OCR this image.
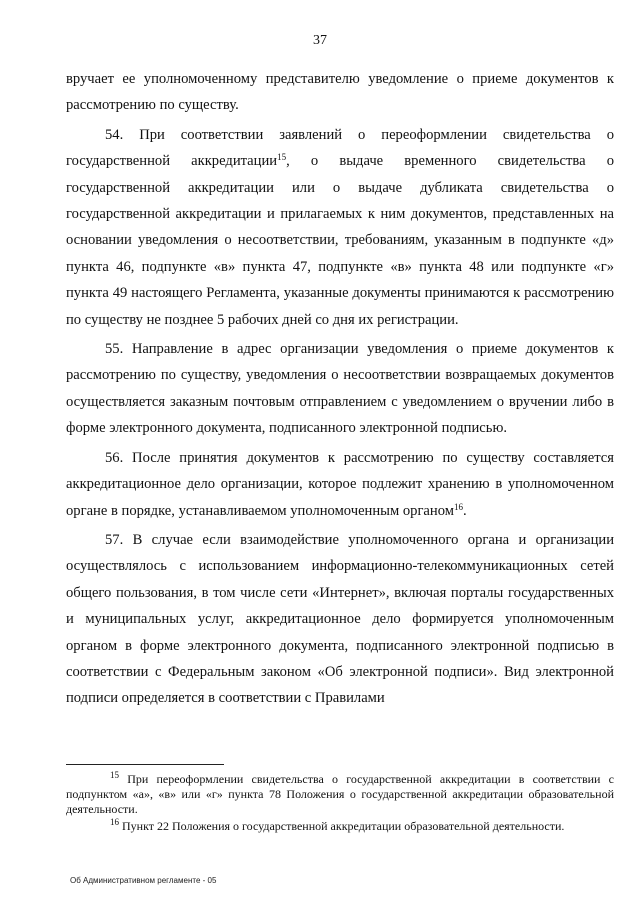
37

вручает ее уполномоченному представителю уведомление о приеме документов к рассмотрению по существу.

54. При соответствии заявлений о переоформлении свидетельства о государственной аккредитации$^{15}$, о выдаче временного свидетельства о государственной аккредитации или о выдаче дубликата свидетельства о государственной аккредитации и прилагаемых к ним документов, представленных на основании уведомления о несоответствии, требованиям, указанным в подпункте «д» пункта 46, подпункте «в» пункта 47, подпункте «в» пункта 48 или подпункте «г» пункта 49 настоящего Регламента, указанные документы принимаются к рассмотрению по существу не позднее 5 рабочих дней со дня их регистрации.

55. Направление в адрес организации уведомления о приеме документов к рассмотрению по существу, уведомления о несоответствии возвращаемых документов осуществляется заказным почтовым отправлением с уведомлением о вручении либо в форме электронного документа, подписанного электронной подписью.

56. После принятия документов к рассмотрению по существу составляется аккредитационное дело организации, которое подлежит хранению в уполномоченном органе в порядке, устанавливаемом уполномоченным органом$^{16}$.

57. В случае если взаимодействие уполномоченного органа и организации осуществлялось с использованием информационно-телекоммуникационных сетей общего пользования, в том числе сети «Интернет», включая порталы государственных и муниципальных услуг, аккредитационное дело формируется уполномоченным органом в форме электронного документа, подписанного электронной подписью в соответствии с Федеральным законом «Об электронной подписи». Вид электронной подписи определяется в соответствии с Правилами

$^{15}$ При переоформлении свидетельства о государственной аккредитации в соответствии с подпунктом «а», «в» или «г» пункта 78 Положения о государственной аккредитации образовательной деятельности.

$^{16}$ Пункт 22 Положения о государственной аккредитации образовательной деятельности.

Об Административном регламенте - 05
